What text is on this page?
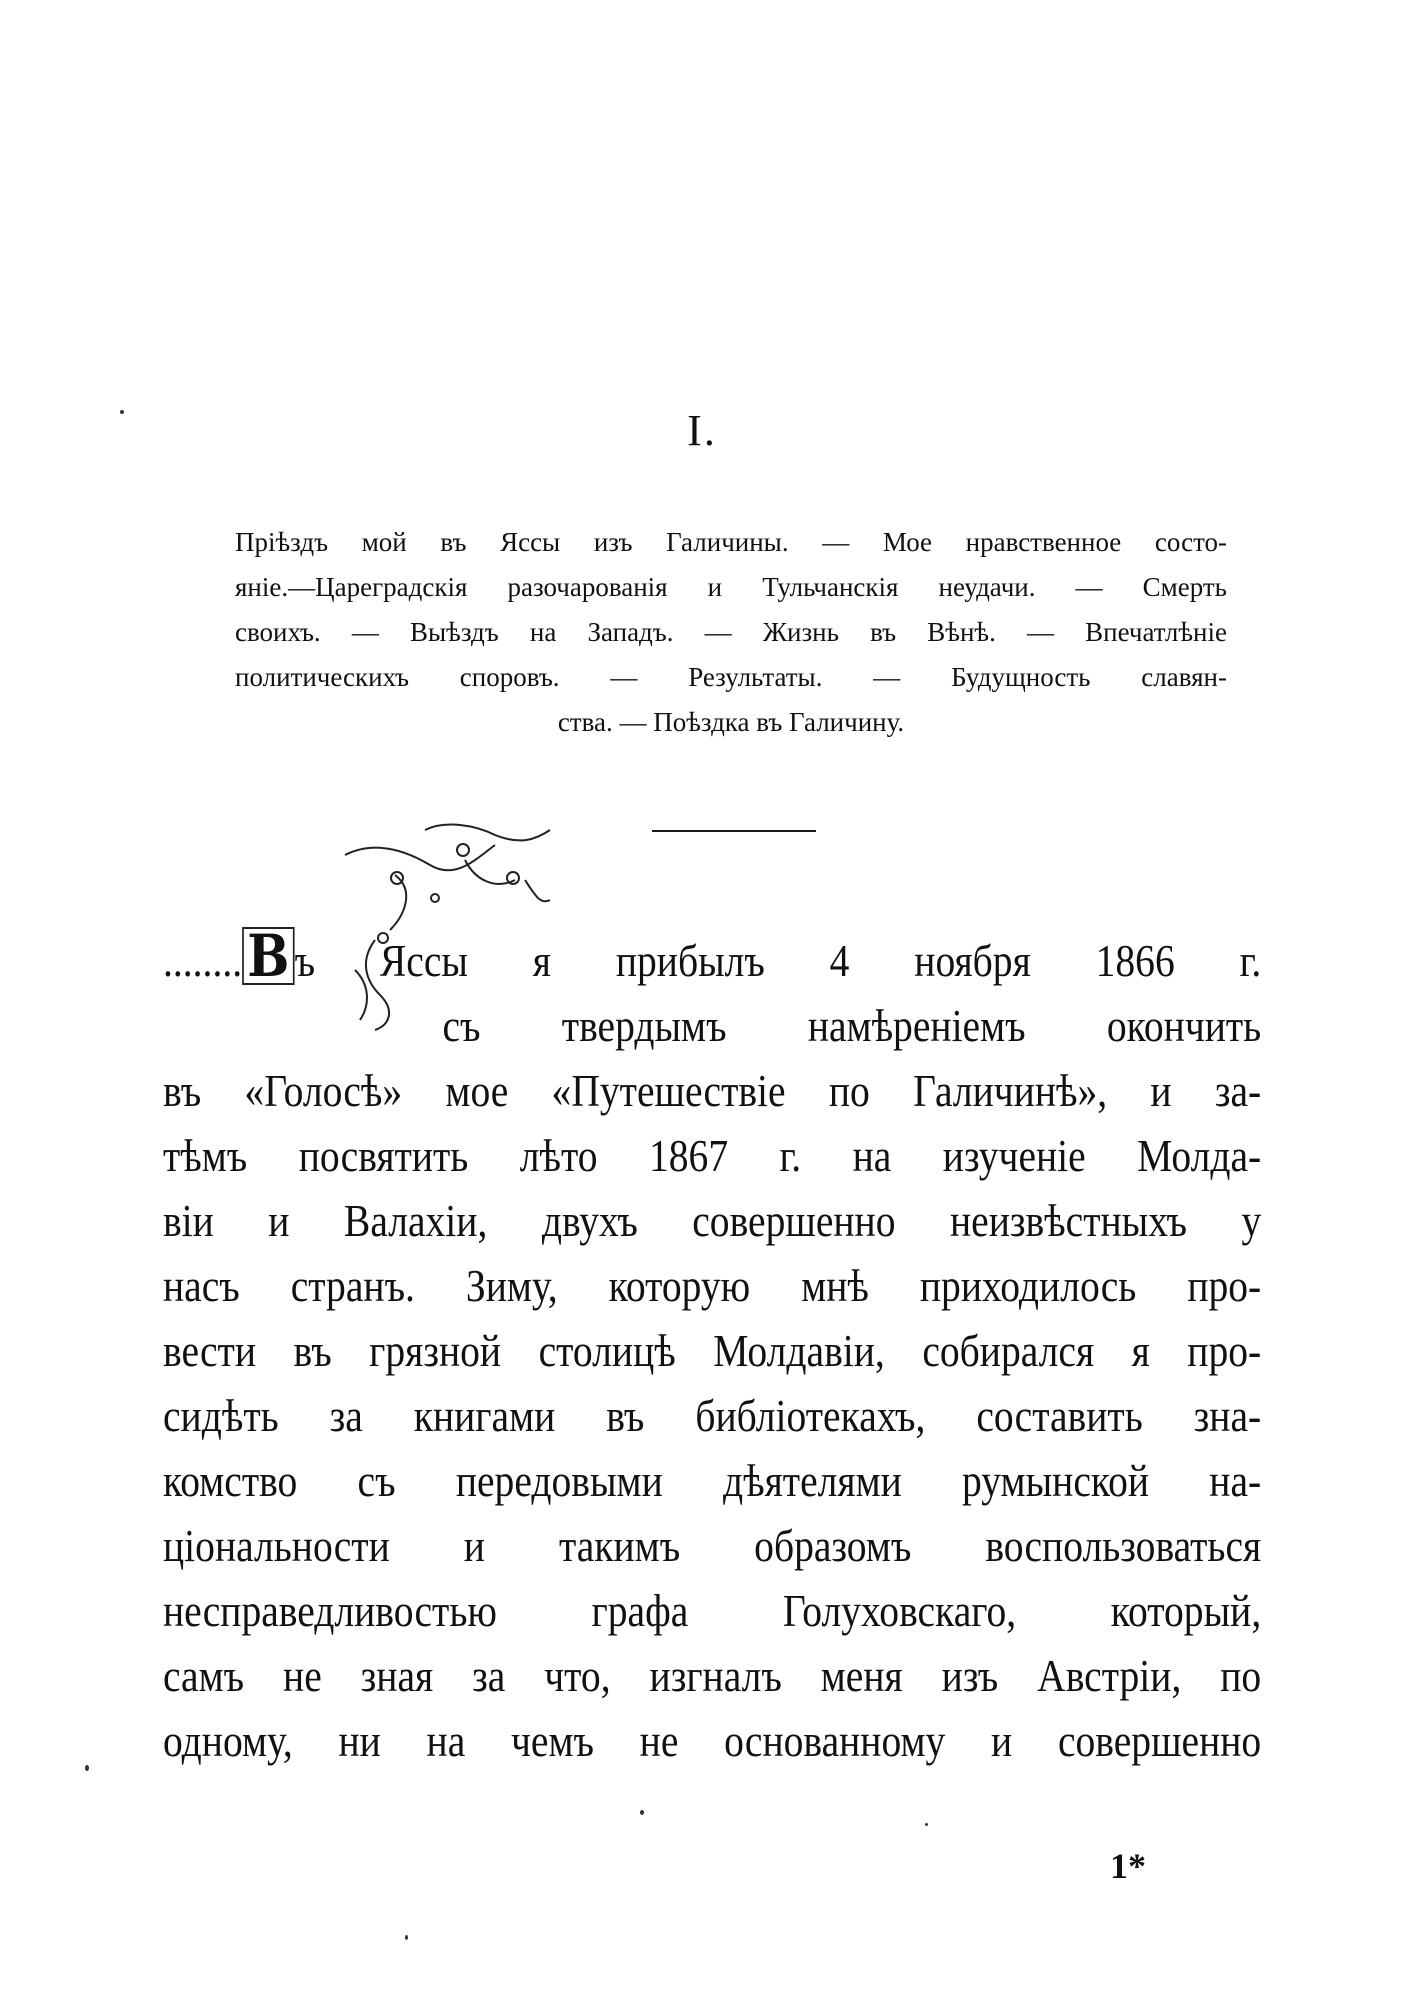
I.
Пріѣздъ мой въ Яссы изъ Галичины. — Мое нравственное состо-
яніе.—Цареградскія разочарованія и Тульчанскія неудачи. — Смерть
своихъ. — Выѣздъ на Западъ. — Жизнь въ Вѣнѣ. — Впечатлѣніе
политическихъ споровъ. — Результаты. — Будущность славян-
ства. — Поѣздка въ Галичину.
........В ъ Яссы я прибылъ 4 ноября 1866 г.
съ твердымъ намѣреніемъ окончить
въ «Голосѣ» мое «Путешествіе по Галичинѣ», и за-
тѣмъ посвятить лѣто 1867 г. на изученіе Молда-
віи и Валахіи, двухъ совершенно неизвѣстныхъ у
насъ странъ. Зиму, которую мнѣ приходилось про-
вести въ грязной столицѣ Молдавіи, собирался я про-
сидѣть за книгами въ библіотекахъ, составить зна-
комство съ передовыми дѣятелями румынской на-
ціональности и такимъ образомъ воспользоваться
несправедливостью графа Голуховскаго, который,
самъ не зная за что, изгналъ меня изъ Австріи, по
одному, ни на чемъ не основанному и совершенно
1*
